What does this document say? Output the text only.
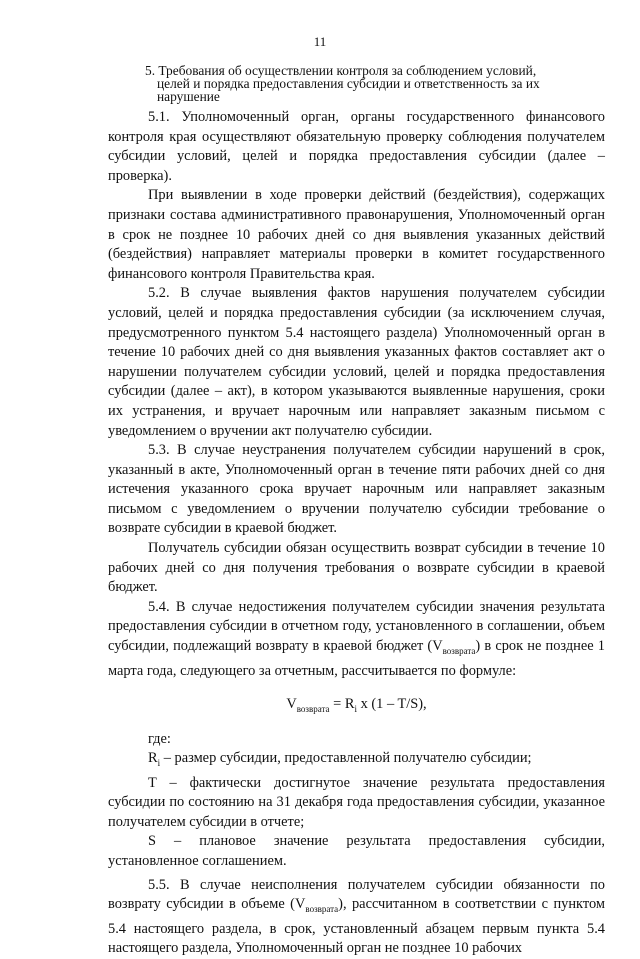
11
5. Требования об осуществлении контроля за соблюдением условий,
целей и порядка предоставления субсидии и ответственность за их
нарушение

5.1. Уполномоченный орган, органы государственного финансового контроля края осуществляют обязательную проверку соблюдения получателем субсидии условий, целей и порядка предоставления субсидии (далее – проверка).

При выявлении в ходе проверки действий (бездействия), содержащих признаки состава административного правонарушения, Уполномоченный орган в срок не позднее 10 рабочих дней со дня выявления указанных действий (бездействия) направляет материалы проверки в комитет государственного финансового контроля Правительства края.

5.2. В случае выявления фактов нарушения получателем субсидии условий, целей и порядка предоставления субсидии (за исключением случая, предусмотренного пунктом 5.4 настоящего раздела) Уполномоченный орган в течение 10 рабочих дней со дня выявления указанных фактов составляет акт о нарушении получателем субсидии условий, целей и порядка предоставления субсидии (далее – акт), в котором указываются выявленные нарушения, сроки их устранения, и вручает нарочным или направляет заказным письмом с уведомлением о вручении акт получателю субсидии.

5.3. В случае неустранения получателем субсидии нарушений в срок, указанный в акте, Уполномоченный орган в течение пяти рабочих дней со дня истечения указанного срока вручает нарочным или направляет заказным письмом с уведомлением о вручении получателю субсидии требование о возврате субсидии в краевой бюджет.

Получатель субсидии обязан осуществить возврат субсидии в течение 10 рабочих дней со дня получения требования о возврате субсидии в краевой бюджет.

5.4. В случае недостижения получателем субсидии значения результата предоставления субсидии в отчетном году, установленного в соглашении, объем субсидии, подлежащий возврату в краевой бюджет $(V_{возврата})$ в срок не позднее 1 марта года, следующего за отчетным, рассчитывается по формуле:

$V_{возврата} = R_i$ x (1 – T/S),

где:

$R_i$ – размер субсидии, предоставленной получателю субсидии;

T – фактически достигнутое значение результата предоставления субсидии по состоянию на 31 декабря года предоставления субсидии, указанное получателем субсидии в отчете;

S – плановое значение результата предоставления субсидии, установленное соглашением.

5.5. В случае неисполнения получателем субсидии обязанности по возврату субсидии в объеме $(V_{возврата})$, рассчитанном в соответствии с пунктом 5.4 настоящего раздела, в срок, установленный абзацем первым пункта 5.4 настоящего раздела, Уполномоченный орган не позднее 10 рабочих
